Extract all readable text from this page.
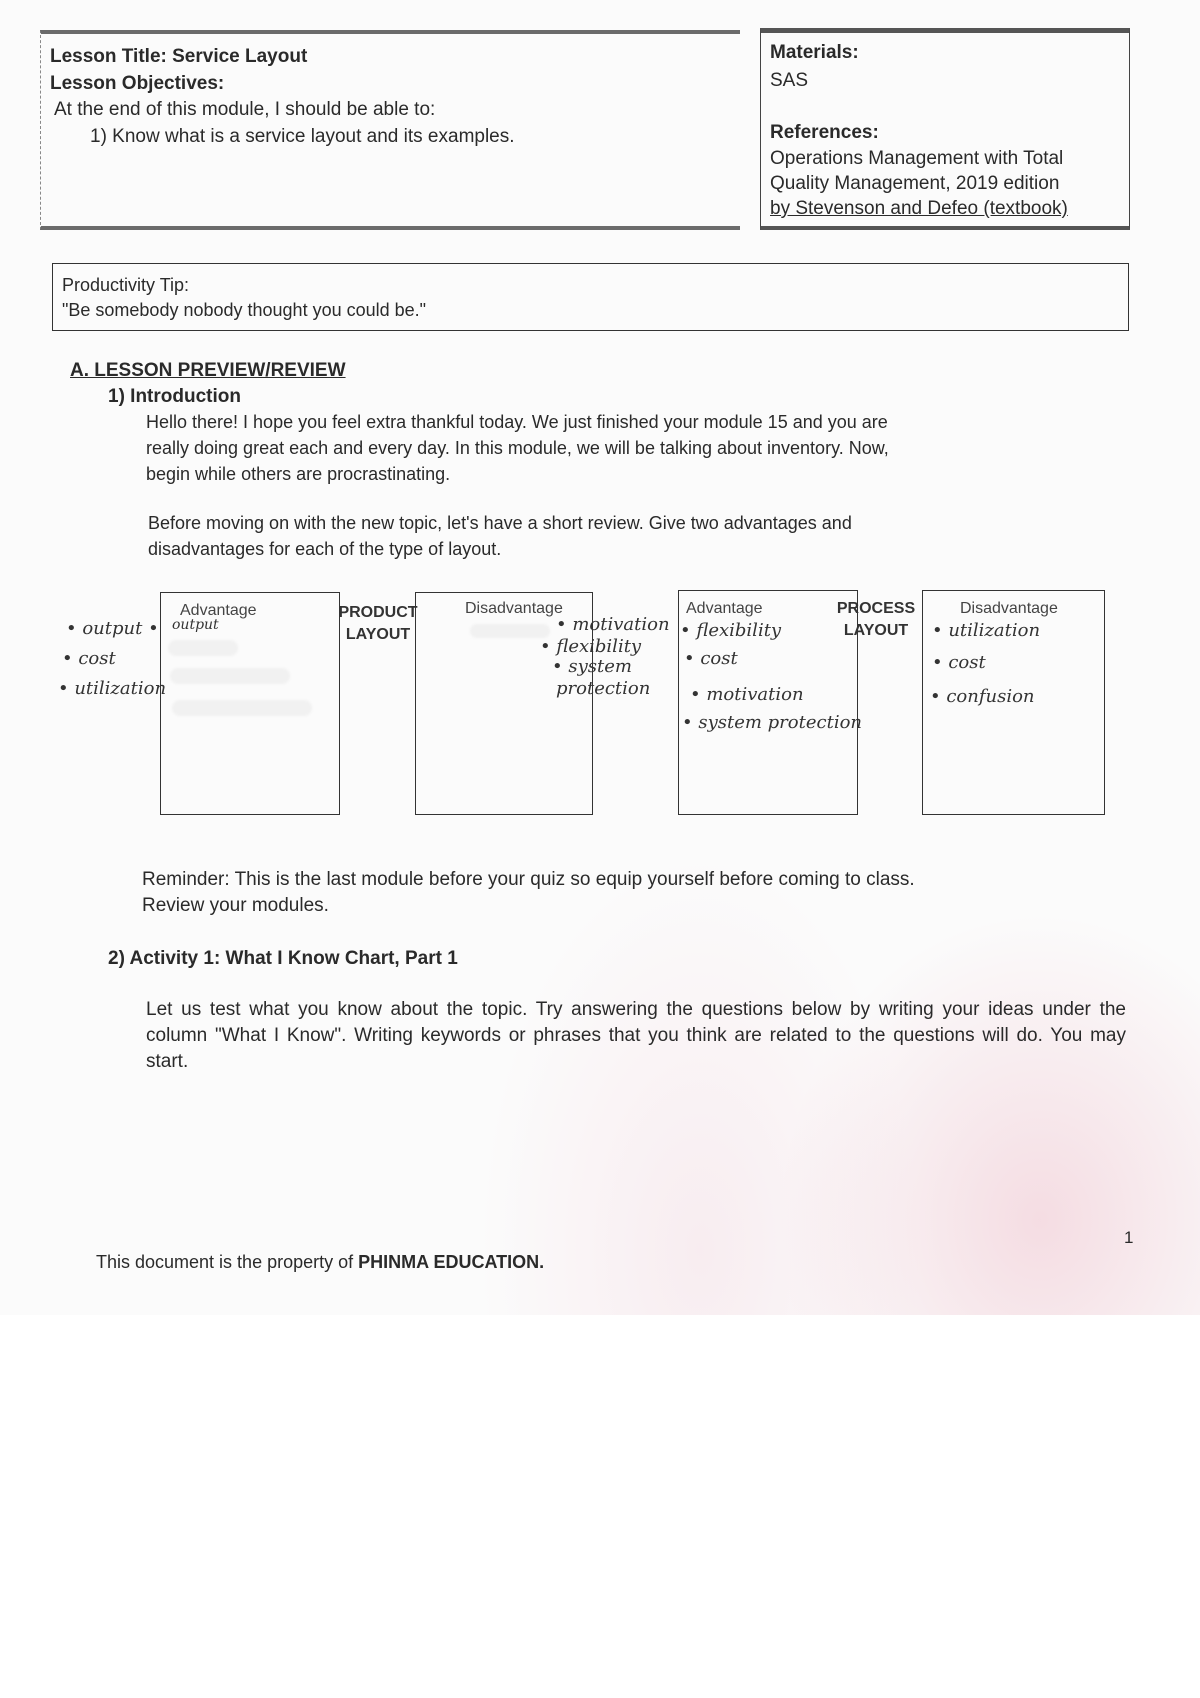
Lesson Title: Service Layout
Lesson Objectives:
At the end of this module, I should be able to:
1) Know what is a service layout and its examples.
Materials:
SAS
References:
Operations Management with Total
Quality Management, 2019 edition
by Stevenson and Defeo (textbook)
Productivity Tip:
"Be somebody nobody thought you could be."
A. LESSON PREVIEW/REVIEW
1) Introduction
Hello there! I hope you feel extra thankful today. We just finished your module 15 and you are
really doing great each and every day. In this module, we will be talking about inventory. Now,
begin while others are procrastinating.
Before moving on with the new topic, let's have a short review. Give two advantages and
disadvantages for each of the type of layout.
Advantage	PRODUCT
LAYOUT
Disadvantage
• output • output
• cost
• utilization
• motivation
• flexibility
• system
protection
Advantage	PROCESS
LAYOUT
Disadvantage
• flexibility
• cost
• motivation
• system protection
• utilization
• cost
• confusion
Reminder: This is the last module before your quiz so equip yourself before coming to class.
Review your modules.
2) Activity 1: What I Know Chart, Part 1
Let us test what you know about the topic. Try answering the questions below by writing your ideas under the column "What I Know". Writing keywords or phrases that you think are related to the questions will do. You may start.
1
This document is the property of PHINMA EDUCATION.
